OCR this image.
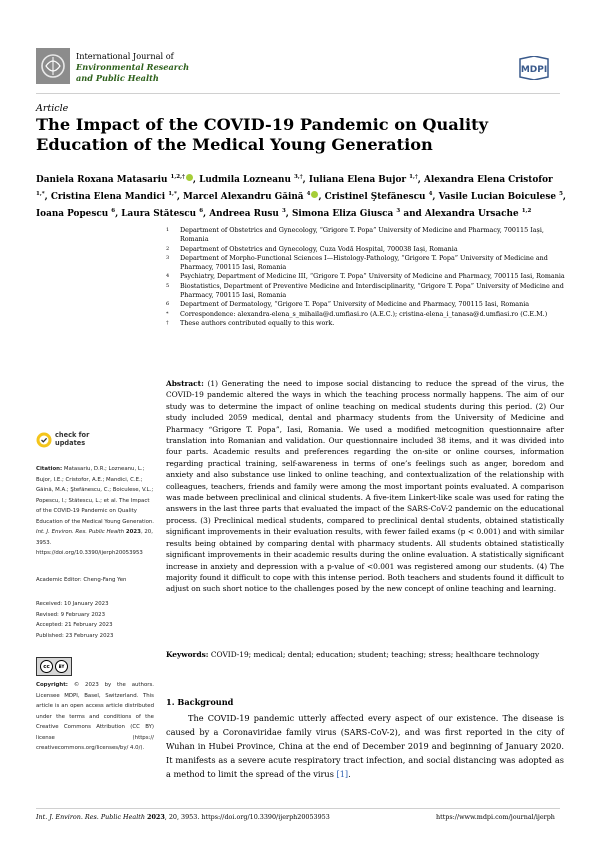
International Journal of
Environmental Research
and Public Health
MDPI
Article
The Impact of the COVID-19 Pandemic on Quality Education of the Medical Young Generation
Daniela Roxana Matasariu $^{1,2,\dagger}$ , Ludmila Lozneanu $^{3,\dagger}$, Iuliana Elena Bujor $^{1,\dagger}$, Alexandra Elena Cristofor $^{1,*}$, Cristina Elena Mandici $^{1,*}$, Marcel Alexandru Găină $^4$ , Cristinel Ştefănescu $^4$, Vasile Lucian Boiculese $^5$, Ioana Popescu $^6$, Laura Stătescu $^6$, Andreea Rusu $^3$, Simona Eliza Giusca $^3$ and Alexandra Ursache $^{1,2}$
1	Department of Obstetrics and Gynecology, “Grigore T. Popa” University of Medicine and Pharmacy, 700115 Iași, Romania
2	Department of Obstetrics and Gynecology, Cuza Vodă Hospital, 700038 Iași, Romania
3	Department of Morpho-Functional Sciences I—Histology-Pathology, “Grigore T. Popa” University of Medicine and Pharmacy, 700115 Iasi, Romania
4	Psychiatry, Department of Medicine III, “Grigore T. Popa” University of Medicine and Pharmacy, 700115 Iasi, Romania
5	Biostatistics, Department of Preventive Medicine and Interdisciplinarity, “Grigore T. Popa” University of Medicine and Pharmacy, 700115 Iasi, Romania
6	Department of Dermatology, “Grigore T. Popa” University of Medicine and Pharmacy, 700115 Iasi, Romania
*	Correspondence: alexandra-elena_s_mihaila@d.umfiasi.ro (A.E.C.); cristina-elena_i_tanasa@d.umfiasi.ro (C.E.M.)
†	These authors contributed equally to this work.
Abstract: (1) Generating the need to impose social distancing to reduce the spread of the virus, the COVID-19 pandemic altered the ways in which the teaching process normally happens. The aim of our study was to determine the impact of online teaching on medical students during this period. (2) Our study included 2059 medical, dental and pharmacy students from the University of Medicine and Pharmacy “Grigore T. Popa”, Iasi, Romania. We used a modified metcognition questionnaire after translation into Romanian and validation. Our questionnaire included 38 items, and it was divided into four parts. Academic results and preferences regarding the on-site or online courses, information regarding practical training, self-awareness in terms of one’s feelings such as anger, boredom and anxiety and also substance use linked to online teaching, and contextualization of the relationship with colleagues, teachers, friends and family were among the most important points evaluated. A comparison was made between preclinical and clinical students. A five-item Linkert-like scale was used for rating the answers in the last three parts that evaluated the impact of the SARS-CoV-2 pandemic on the educational process. (3) Preclinical medical students, compared to preclinical dental students, obtained statistically significant improvements in their evaluation results, with fewer failed exams (p < 0.001) and with similar results being obtained by comparing dental with pharmacy students. All students obtained statistically significant improvements in their academic results during the online evaluation. A statistically significant increase in anxiety and depression with a p-value of <0.001 was registered among our students. (4) The majority found it difficult to cope with this intense period. Both teachers and students found it difficult to adjust on such short notice to the challenges posed by the new concept of online teaching and learning.
Keywords: COVID-19; medical; dental; education; student; teaching; stress; healthcare technology
check for
updates
Citation: Matasariu, D.R.; Lozneanu, L.; Bujor, I.E.; Cristofor, A.E.; Mandici, C.E.; Găină, M.A.; Ştefănescu, C.; Boiculese, V.L.; Popescu, I.; Stătescu, L.; et al. The Impact of the COVID-19 Pandemic on Quality Education of the Medical Young Generation. Int. J. Environ. Res. Public Health 2023, 20, 3953. https://doi.org/10.3390/ijerph20053953
Academic Editor: Cheng-Fang Yen
Received: 10 January 2023
Revised: 9 February 2023
Accepted: 21 February 2023
Published: 23 February 2023
cc	BY
Copyright: © 2023 by the authors. Licensee MDPI, Basel, Switzerland. This article is an open access article distributed under the terms and conditions of the Creative Commons Attribution (CC BY) license (https:// creativecommons.org/licenses/by/ 4.0/).
1. Background

The COVID-19 pandemic utterly affected every aspect of our existence. The disease is caused by a Coronaviridae family virus (SARS-CoV-2), and was first reported in the city of Wuhan in Hubei Province, China at the end of December 2019 and beginning of January 2020. It manifests as a severe acute respiratory tract infection, and social distancing was adopted as a method to limit the spread of the virus [1].

Int. J. Environ. Res. Public Health 2023, 20, 3953. https://doi.org/10.3390/ijerph20053953	https://www.mdpi.com/journal/ijerph
